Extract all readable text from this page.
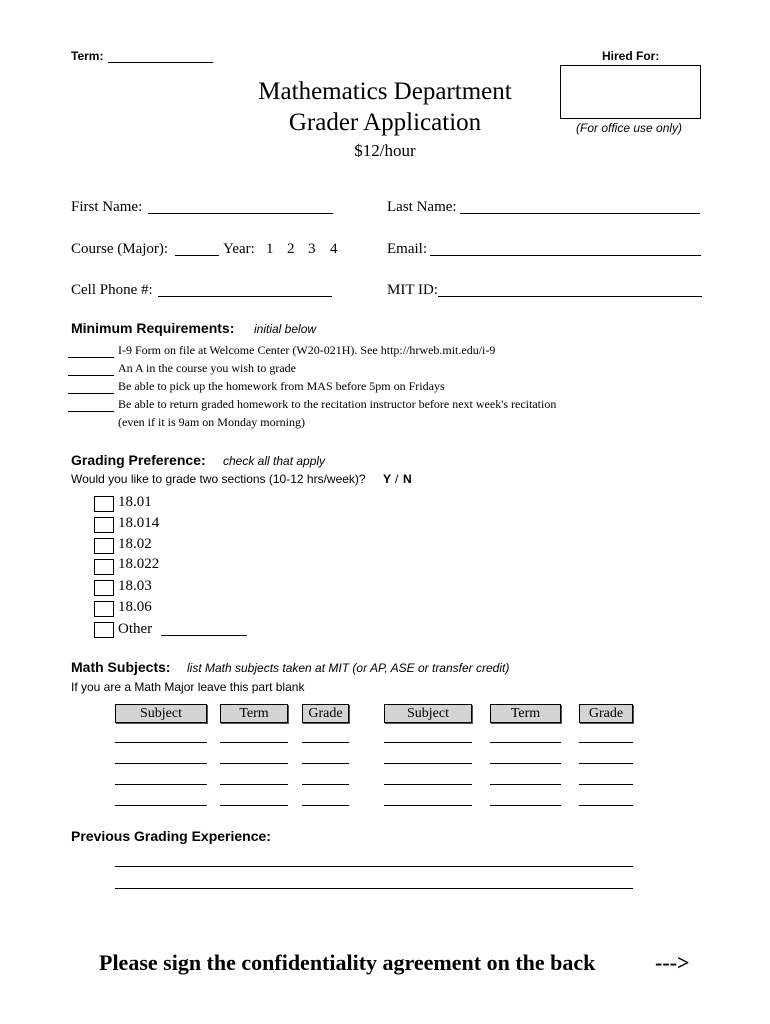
Term:	Hired For:
(For office use only)
Mathematics Department
Grader Application
$12/hour
First Name:	Last Name:
Course (Major):	Year: 1 2 3 4	Email:
Cell Phone #:	MIT ID:
Minimum Requirements: initial below
I-9 Form on file at Welcome Center (W20-021H). See http://hrweb.mit.edu/i-9
An A in the course you wish to grade
Be able to pick up the homework from MAS before 5pm on Fridays
Be able to return graded homework to the recitation instructor before next week's recitation
(even if it is 9am on Monday morning)
Grading Preference: check all that apply
Would you like to grade two sections (10-12 hrs/week)? Y / N
18.01
18.014
18.02
18.022
18.03
18.06
Other
Math Subjects: list Math subjects taken at MIT (or AP, ASE or transfer credit)
If you are a Math Major leave this part blank
Subject	Term	Grade	Subject	Term	Grade
Previous Grading Experience:
Please sign the confidentiality agreement on the back	--->
